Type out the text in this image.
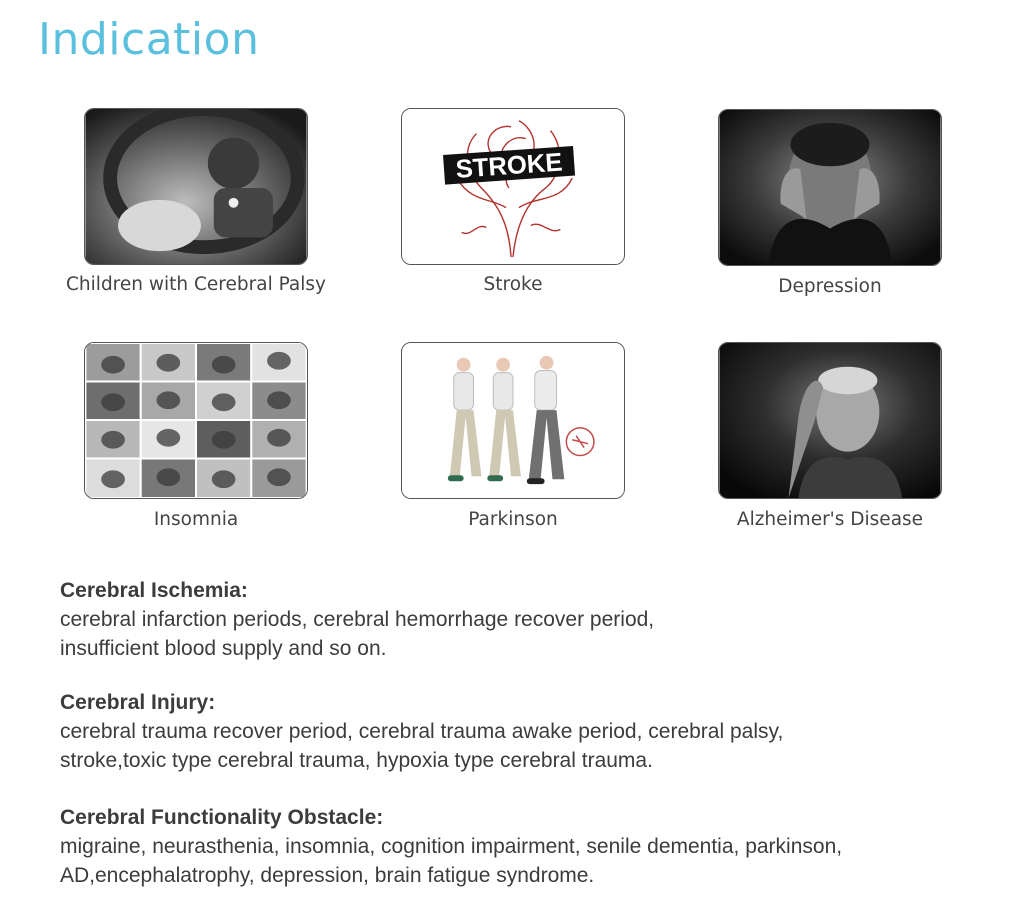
Indication
Children with Cerebral Palsy
STROKE
Stroke	Depression
Insomnia	Parkinson	Alzheimer's Disease
Cerebral Ischemia:
cerebral infarction periods, cerebral hemorrhage recover period,
insufficient blood supply and so on.
Cerebral Injury:
cerebral trauma recover period, cerebral trauma awake period, cerebral palsy,
stroke,toxic type cerebral trauma, hypoxia type cerebral trauma.
Cerebral Functionality Obstacle:
migraine, neurasthenia, insomnia, cognition impairment, senile dementia, parkinson,
AD,encephalatrophy, depression, brain fatigue syndrome.
